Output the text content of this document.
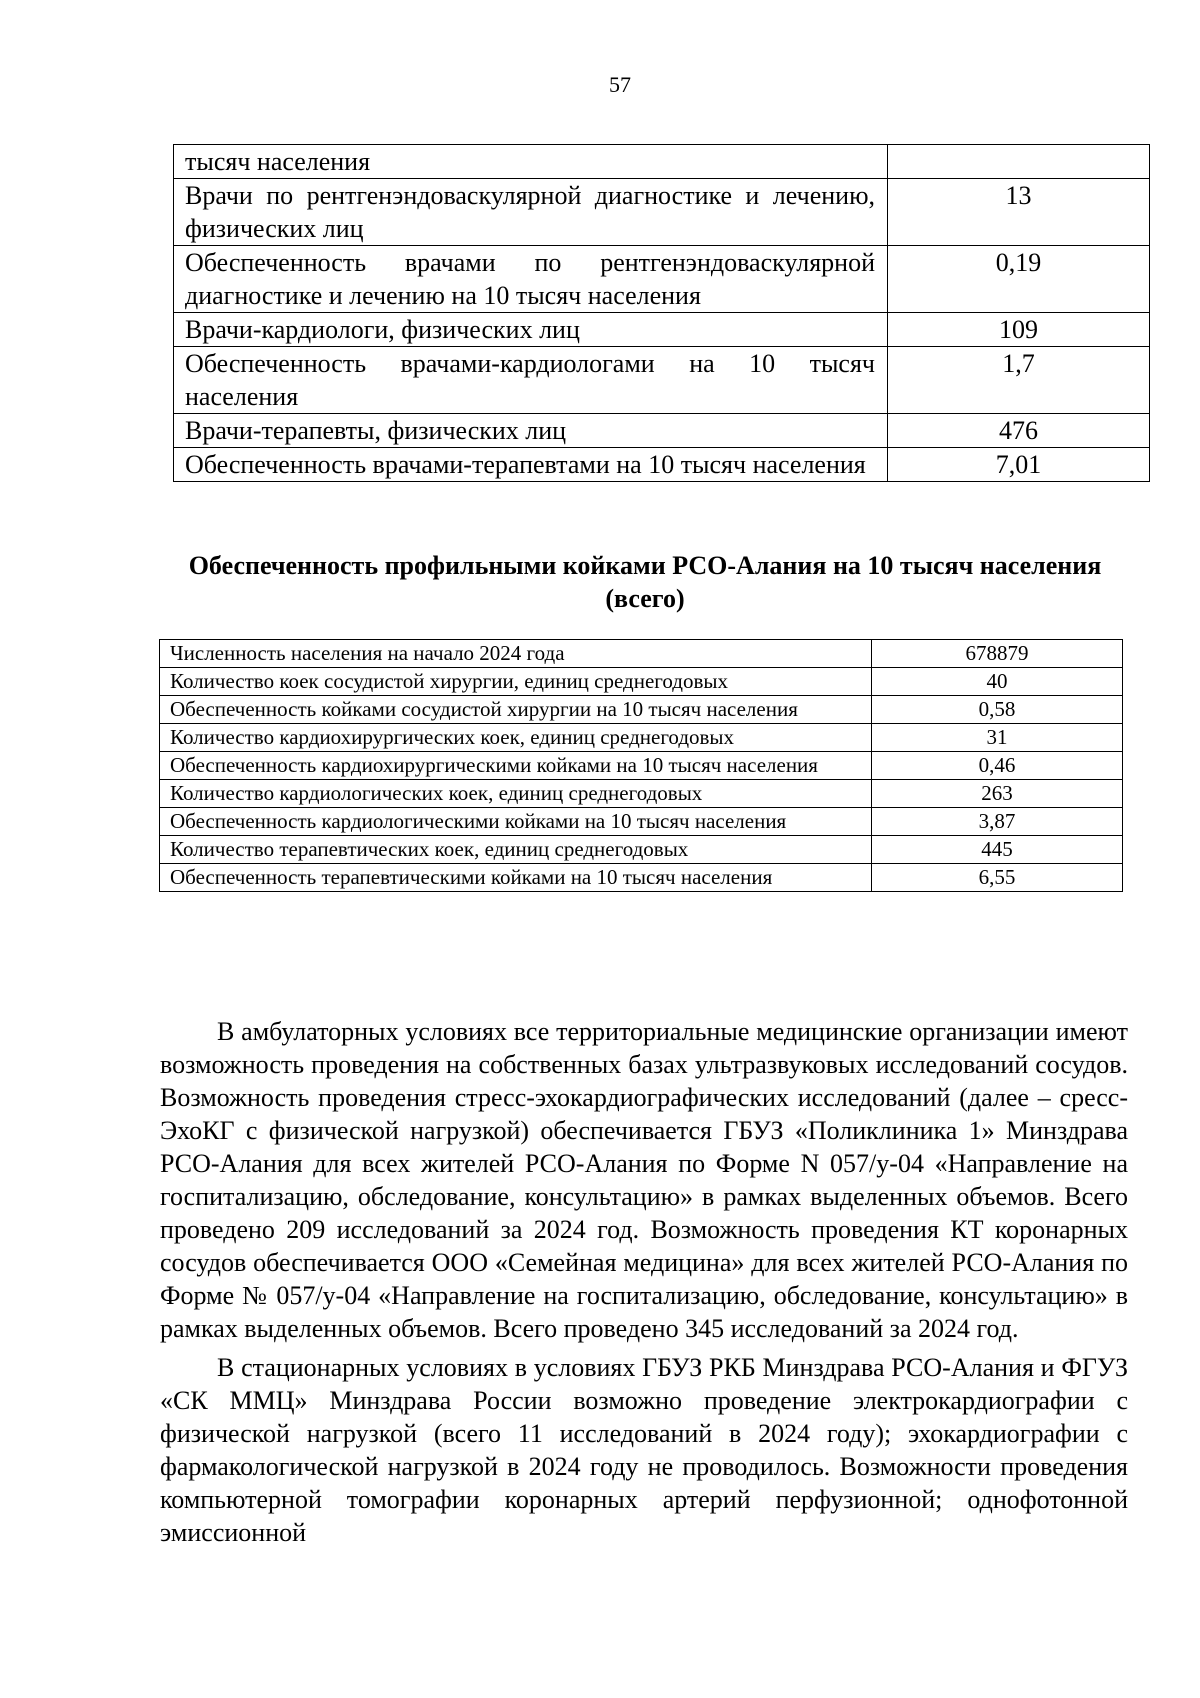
57
тысяч населения	
Врачи по рентгенэндоваскулярной диагностике и лечению, физических лиц	13
Обеспеченность врачами по рентгенэндоваскулярной диагностике и лечению на 10 тысяч населения	0,19
Врачи-кардиологи, физических лиц	109
Обеспеченность врачами-кардиологами на 10 тысяч населения	1,7
Врачи-терапевты, физических лиц	476
Обеспеченность врачами-терапевтами на 10 тысяч населения	7,01
Обеспеченность профильными койками РСО-Алания на 10 тысяч населения (всего)
Численность населения на начало 2024 года	678879
Количество коек сосудистой хирургии, единиц среднегодовых	40
Обеспеченность койками сосудистой хирургии на 10 тысяч населения	0,58
Количество кардиохирургических коек, единиц среднегодовых	31
Обеспеченность кардиохирургическими койками на 10 тысяч населения	0,46
Количество кардиологических коек, единиц среднегодовых	263
Обеспеченность кардиологическими койками на 10 тысяч населения	3,87
Количество терапевтических коек, единиц среднегодовых	445
Обеспеченность терапевтическими койками на 10 тысяч населения	6,55

В амбулаторных условиях все территориальные медицинские организации имеют возможность проведения на собственных базах ультразвуковых исследований сосудов. Возможность проведения стресс-эхокардиографических исследований (далее – сресс-ЭхоКГ с физической нагрузкой) обеспечивается ГБУЗ «Поликлиника 1» Минздрава РСО-Алания для всех жителей РСО-Алания по Форме N 057/у-04 «Направление на госпитализацию, обследование, консультацию» в рамках выделенных объемов. Всего проведено 209 исследований за 2024 год. Возможность проведения КТ коронарных сосудов обеспечивается ООО «Семейная медицина» для всех жителей РСО-Алания по Форме № 057/у-04 «Направление на госпитализацию, обследование, консультацию» в рамках выделенных объемов. Всего проведено 345 исследований за 2024 год.

В стационарных условиях в условиях ГБУЗ РКБ Минздрава РСО-Алания и ФГУЗ «СК ММЦ» Минздрава России возможно проведение электрокардиографии с физической нагрузкой (всего 11 исследований в 2024 году); эхокардиографии с фармакологической нагрузкой в 2024 году не проводилось. Возможности проведения компьютерной томографии коронарных артерий перфузионной; однофотонной эмиссионной
